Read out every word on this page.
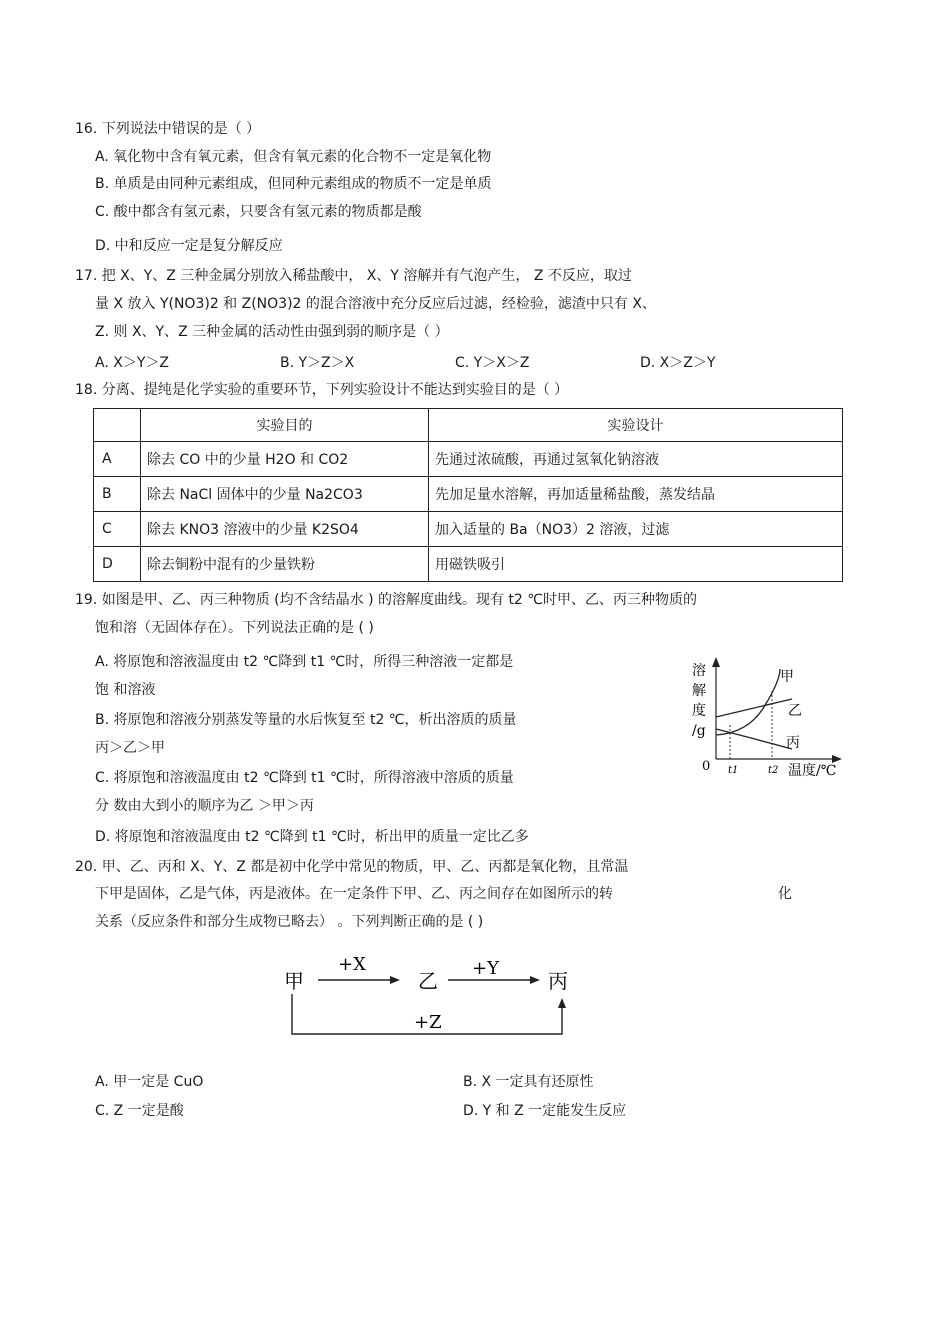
16. 下列说法中错误的是（ ）
A. 氧化物中含有氧元素，但含有氧元素的化合物不一定是氧化物
B. 单质是由同种元素组成，但同种元素组成的物质不一定是单质
C. 酸中都含有氢元素，只要含有氢元素的物质都是酸
D. 中和反应一定是复分解反应
17. 把 X、Y、Z 三种金属分别放入稀盐酸中， X、Y 溶解并有气泡产生， Z 不反应，取过
量 X 放入 Y(NO3)2 和 Z(NO3)2 的混合溶液中充分反应后过滤，经检验，滤渣中只有 X、
Z. 则 X、Y、Z 三种金属的活动性由强到弱的顺序是（ ）
A. X＞Y＞Z	B. Y＞Z＞X	C. Y＞X＞Z	D. X＞Z＞Y
18. 分离、提纯是化学实验的重要环节，下列实验设计不能达到实验目的是（ ）
	实验目的	实验设计
A	除去 CO 中的少量 H2O 和 CO2	先通过浓硫酸，再通过氢氧化钠溶液
B	除去 NaCl 固体中的少量 Na2CO3	先加足量水溶解，再加适量稀盐酸，蒸发结晶
C	除去 KNO3 溶液中的少量 K2SO4	加入适量的 Ba（NO3）2 溶液，过滤
D	除去铜粉中混有的少量铁粉	用磁铁吸引
19. 如图是甲、乙、丙三种物质 (均不含结晶水 ) 的溶解度曲线。现有 t2 ℃时甲、乙、丙三种物质的
饱和溶（无固体存在）。下列说法正确的是 ( )
A. 将原饱和溶液温度由 t2 ℃降到 t1 ℃时，所得三种溶液一定都是
饱 和溶液
B. 将原饱和溶液分别蒸发等量的水后恢复至 t2 ℃，析出溶质的质量
丙＞乙＞甲
C. 将原饱和溶液温度由 t2 ℃降到 t1 ℃时，所得溶液中溶质的质量
分 数由大到小的顺序为乙 ＞甲＞丙
D. 将原饱和溶液温度由 t2 ℃降到 t1 ℃时，析出甲的质量一定比乙多
溶
解
度
/g
0 t1	t2 温度/℃
甲
乙
丙
20. 甲、乙、丙和 X、Y、Z 都是初中化学中常见的物质，甲、乙、丙都是氧化物，且常温
下甲是固体，乙是气体，丙是液体。在一定条件下甲、乙、丙之间存在如图所示的转	化
关系（反应条件和部分生成物已略去） 。下列判断正确的是 ( )
甲	乙	丙
+X	+Y
+Z
A. 甲一定是 CuO	B. X 一定具有还原性
C. Z 一定是酸	D. Y 和 Z 一定能发生反应
